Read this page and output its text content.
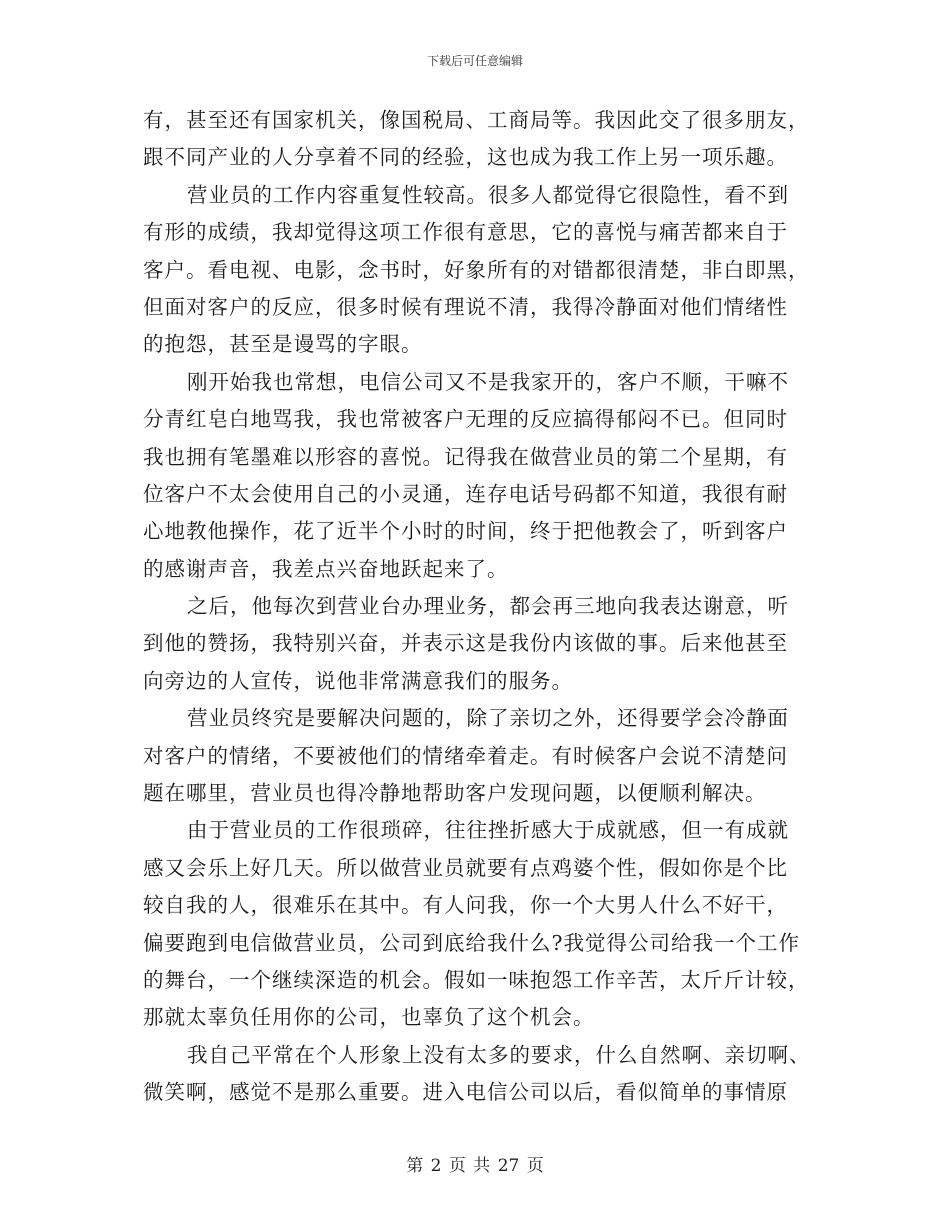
下载后可任意编辑

有，甚至还有国家机关，像国税局、工商局等。我因此交了很多朋友，
跟不同产业的人分享着不同的经验，这也成为我工作上另一项乐趣。

营业员的工作内容重复性较高。很多人都觉得它很隐性，看不到
有形的成绩，我却觉得这项工作很有意思，它的喜悦与痛苦都来自于
客户。看电视、电影，念书时，好象所有的对错都很清楚，非白即黑，
但面对客户的反应，很多时候有理说不清，我得冷静面对他们情绪性
的抱怨，甚至是谩骂的字眼。

刚开始我也常想，电信公司又不是我家开的，客户不顺，干嘛不
分青红皂白地骂我，我也常被客户无理的反应搞得郁闷不已。但同时
我也拥有笔墨难以形容的喜悦。记得我在做营业员的第二个星期，有
位客户不太会使用自己的小灵通，连存电话号码都不知道，我很有耐
心地教他操作，花了近半个小时的时间，终于把他教会了，听到客户
的感谢声音，我差点兴奋地跃起来了。

之后，他每次到营业台办理业务，都会再三地向我表达谢意，听
到他的赞扬，我特别兴奋，并表示这是我份内该做的事。后来他甚至
向旁边的人宣传，说他非常满意我们的服务。

营业员终究是要解决问题的，除了亲切之外，还得要学会冷静面
对客户的情绪，不要被他们的情绪牵着走。有时候客户会说不清楚问
题在哪里，营业员也得冷静地帮助客户发现问题，以便顺利解决。

由于营业员的工作很琐碎，往往挫折感大于成就感，但一有成就
感又会乐上好几天。所以做营业员就要有点鸡婆个性，假如你是个比
较自我的人，很难乐在其中。有人问我，你一个大男人什么不好干，
偏要跑到电信做营业员，公司到底给我什么?我觉得公司给我一个工作
的舞台，一个继续深造的机会。假如一味抱怨工作辛苦，太斤斤计较，
那就太辜负任用你的公司，也辜负了这个机会。

我自己平常在个人形象上没有太多的要求，什么自然啊、亲切啊、
微笑啊，感觉不是那么重要。进入电信公司以后，看似简单的事情原

第 2 页 共 27 页
